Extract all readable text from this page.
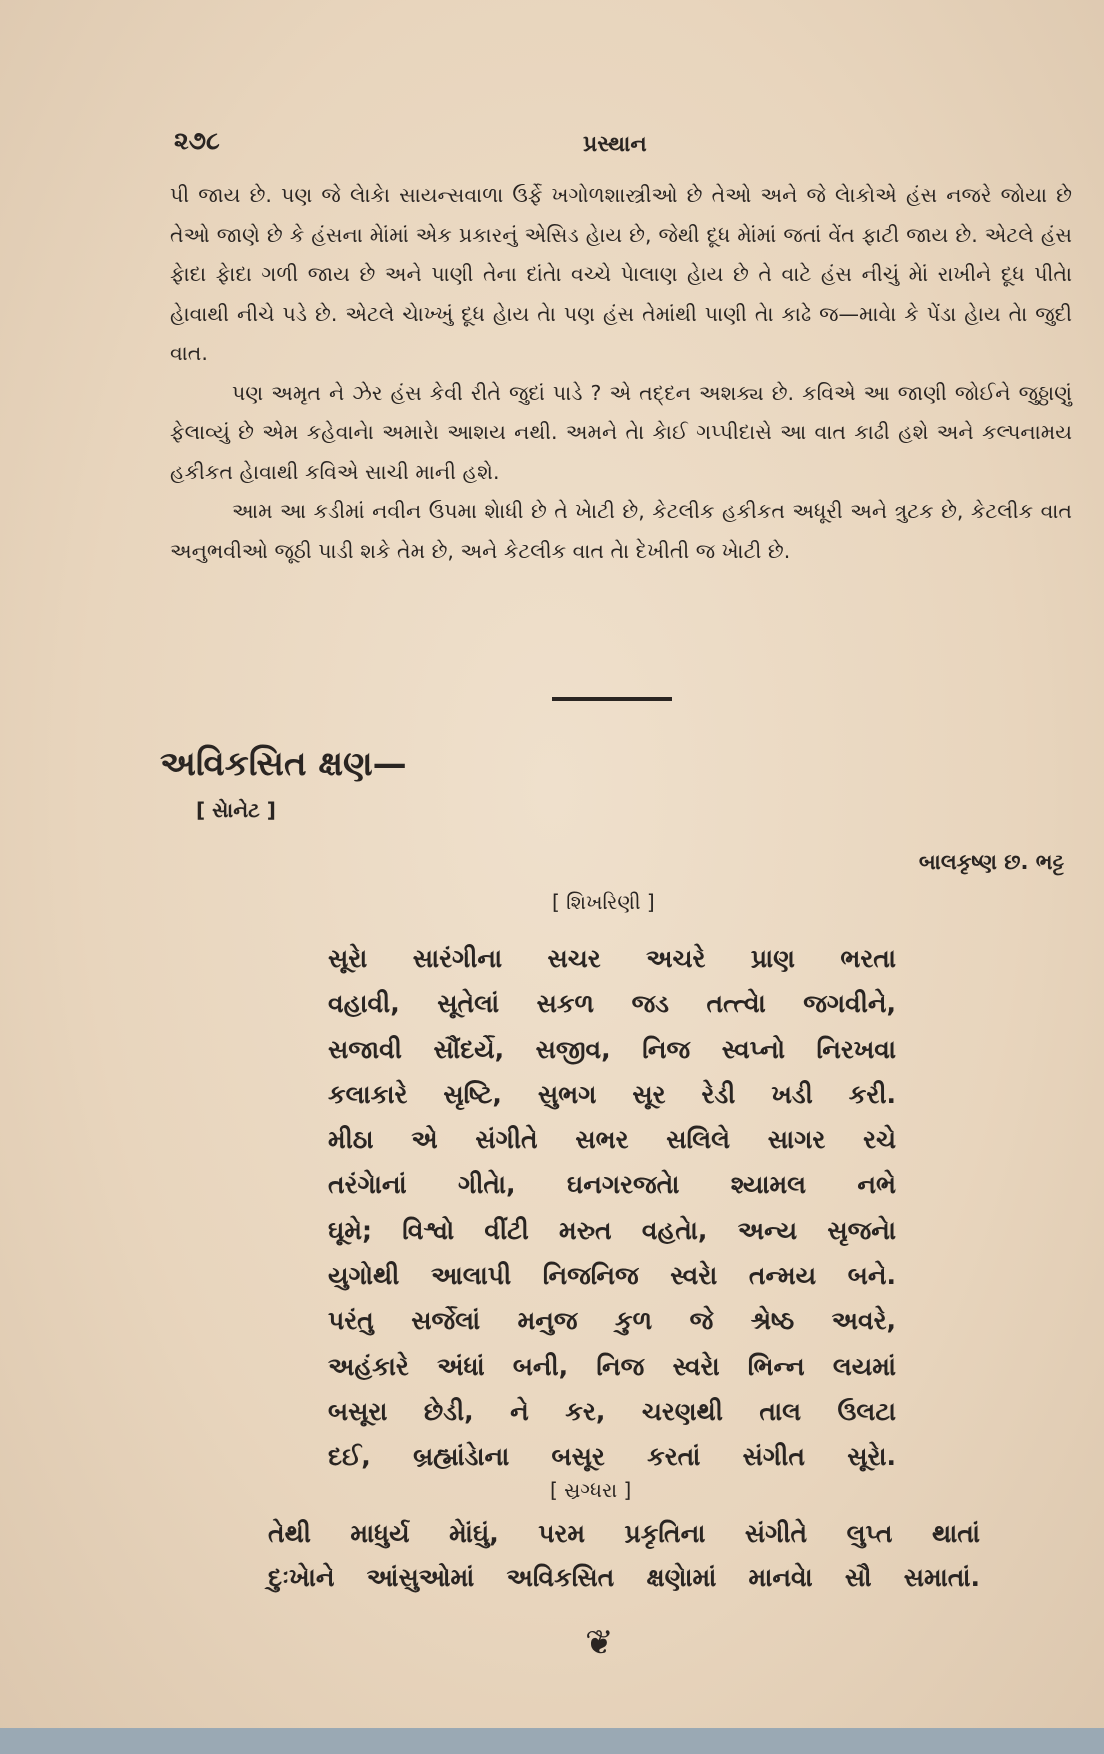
૨૭૮	પ્રસ્થાન

પી જાય છે. પણ જે લેાકેા સાયન્સવાળા ઉર્ફે ખગોળશાસ્ત્રીઓ છે તેઓ અને જે લેાકોએ હંસ નજરે જોયા છે તેઓ જાણે છે કે હંસના મેાંમાં એક પ્રકારનું એસિડ હેાય છે, જેથી દૂધ મેાંમાં જતાં વેંત ફાટી જાય છે. એટલે હંસ ફેાદા ફેાદા ગળી જાય છે અને પાણી તેના દાંતેા વચ્ચે પેાલાણ હેાય છે તે વાટે હંસ નીચું મેાં રાખીને દૂધ પીતેા હેાવાથી નીચે પડે છે. એટલે ચેાખ્ખું દૂધ હેાય તેા પણ હંસ તેમાંથી પાણી તેા કાઢે જ—માવેા કે પેંડા હેાય તેા જુદી વાત.

પણ અમૃત ને ઝેર હંસ કેવી રીતે જુદાં પાડે ? એ તદ્દન અશક્ય છે. કવિએ આ જાણી જોઈને જુઠ્ઠાણું ફેલાવ્યું છે એમ કહેવાનેા અમારેા આશય નથી. અમને તેા કેાઈ ગપ્પીદાસે આ વાત કાઢી હશે અને કલ્પનામય હકીકત હેાવાથી કવિએ સાચી માની હશે.

આમ આ કડીમાં નવીન ઉપમા શેાધી છે તે ખેાટી છે, કેટલીક હકીકત અધૂરી અને ત્રુટક છે, કેટલીક વાત અનુભવીઓ જૂઠી પાડી શકે તેમ છે, અને કેટલીક વાત તેા દેખીતી જ ખેાટી છે.

અવિકસિત ક્ષણ—
[ સેાનેટ ]
બાલકૃષ્ણ છ. ભટ્ટ
[ શિખરિણી ]
સૂરેા સારંગીના સચર અચરે પ્રાણ ભરતા
વહાવી, સૂતેલાં સકળ જડ તત્ત્વેા જગવીને,
સજાવી સૌંદર્યે, સજીવ, નિજ સ્વપ્નો નિરખવા
કલાકારે સૃષ્ટિ, સુભગ સૂર રેડી ખડી કરી.
મીઠા એ સંગીતે સભર સલિલે સાગર રચે
તરંગાેનાં ગીતેા, ઘનગરજતેા શ્યામલ નભે
ઘૂમે; વિશ્વો વીંટી મરુત વહતેા, અન્ય સૃજનેા
યુગોથી આલાપી નિજનિજ સ્વરેા તન્મય બને.
પરંતુ સર્જેલાં મનુજ કુળ જે શ્રેષ્ઠ અવરે,
અહંકારે અંધાં બની, નિજ સ્વરેા ભિન્ન લયમાં
બસૂરા છેડી, ને કર, ચરણથી તાલ ઉલટા
દઈ, બ્રહ્માંડેાના બસૂર કરતાં સંગીત સૂરેા.
[ સ્રગ્ધરા ]
તેથી માધુર્ય મેાંઘું, પરમ પ્રકૃતિના સંગીતે લુપ્ત થાતાં
દુઃખેાને આંસુઓમાં અવિકસિત ક્ષણેામાં માનવેા સૌ સમાતાં.
❦
